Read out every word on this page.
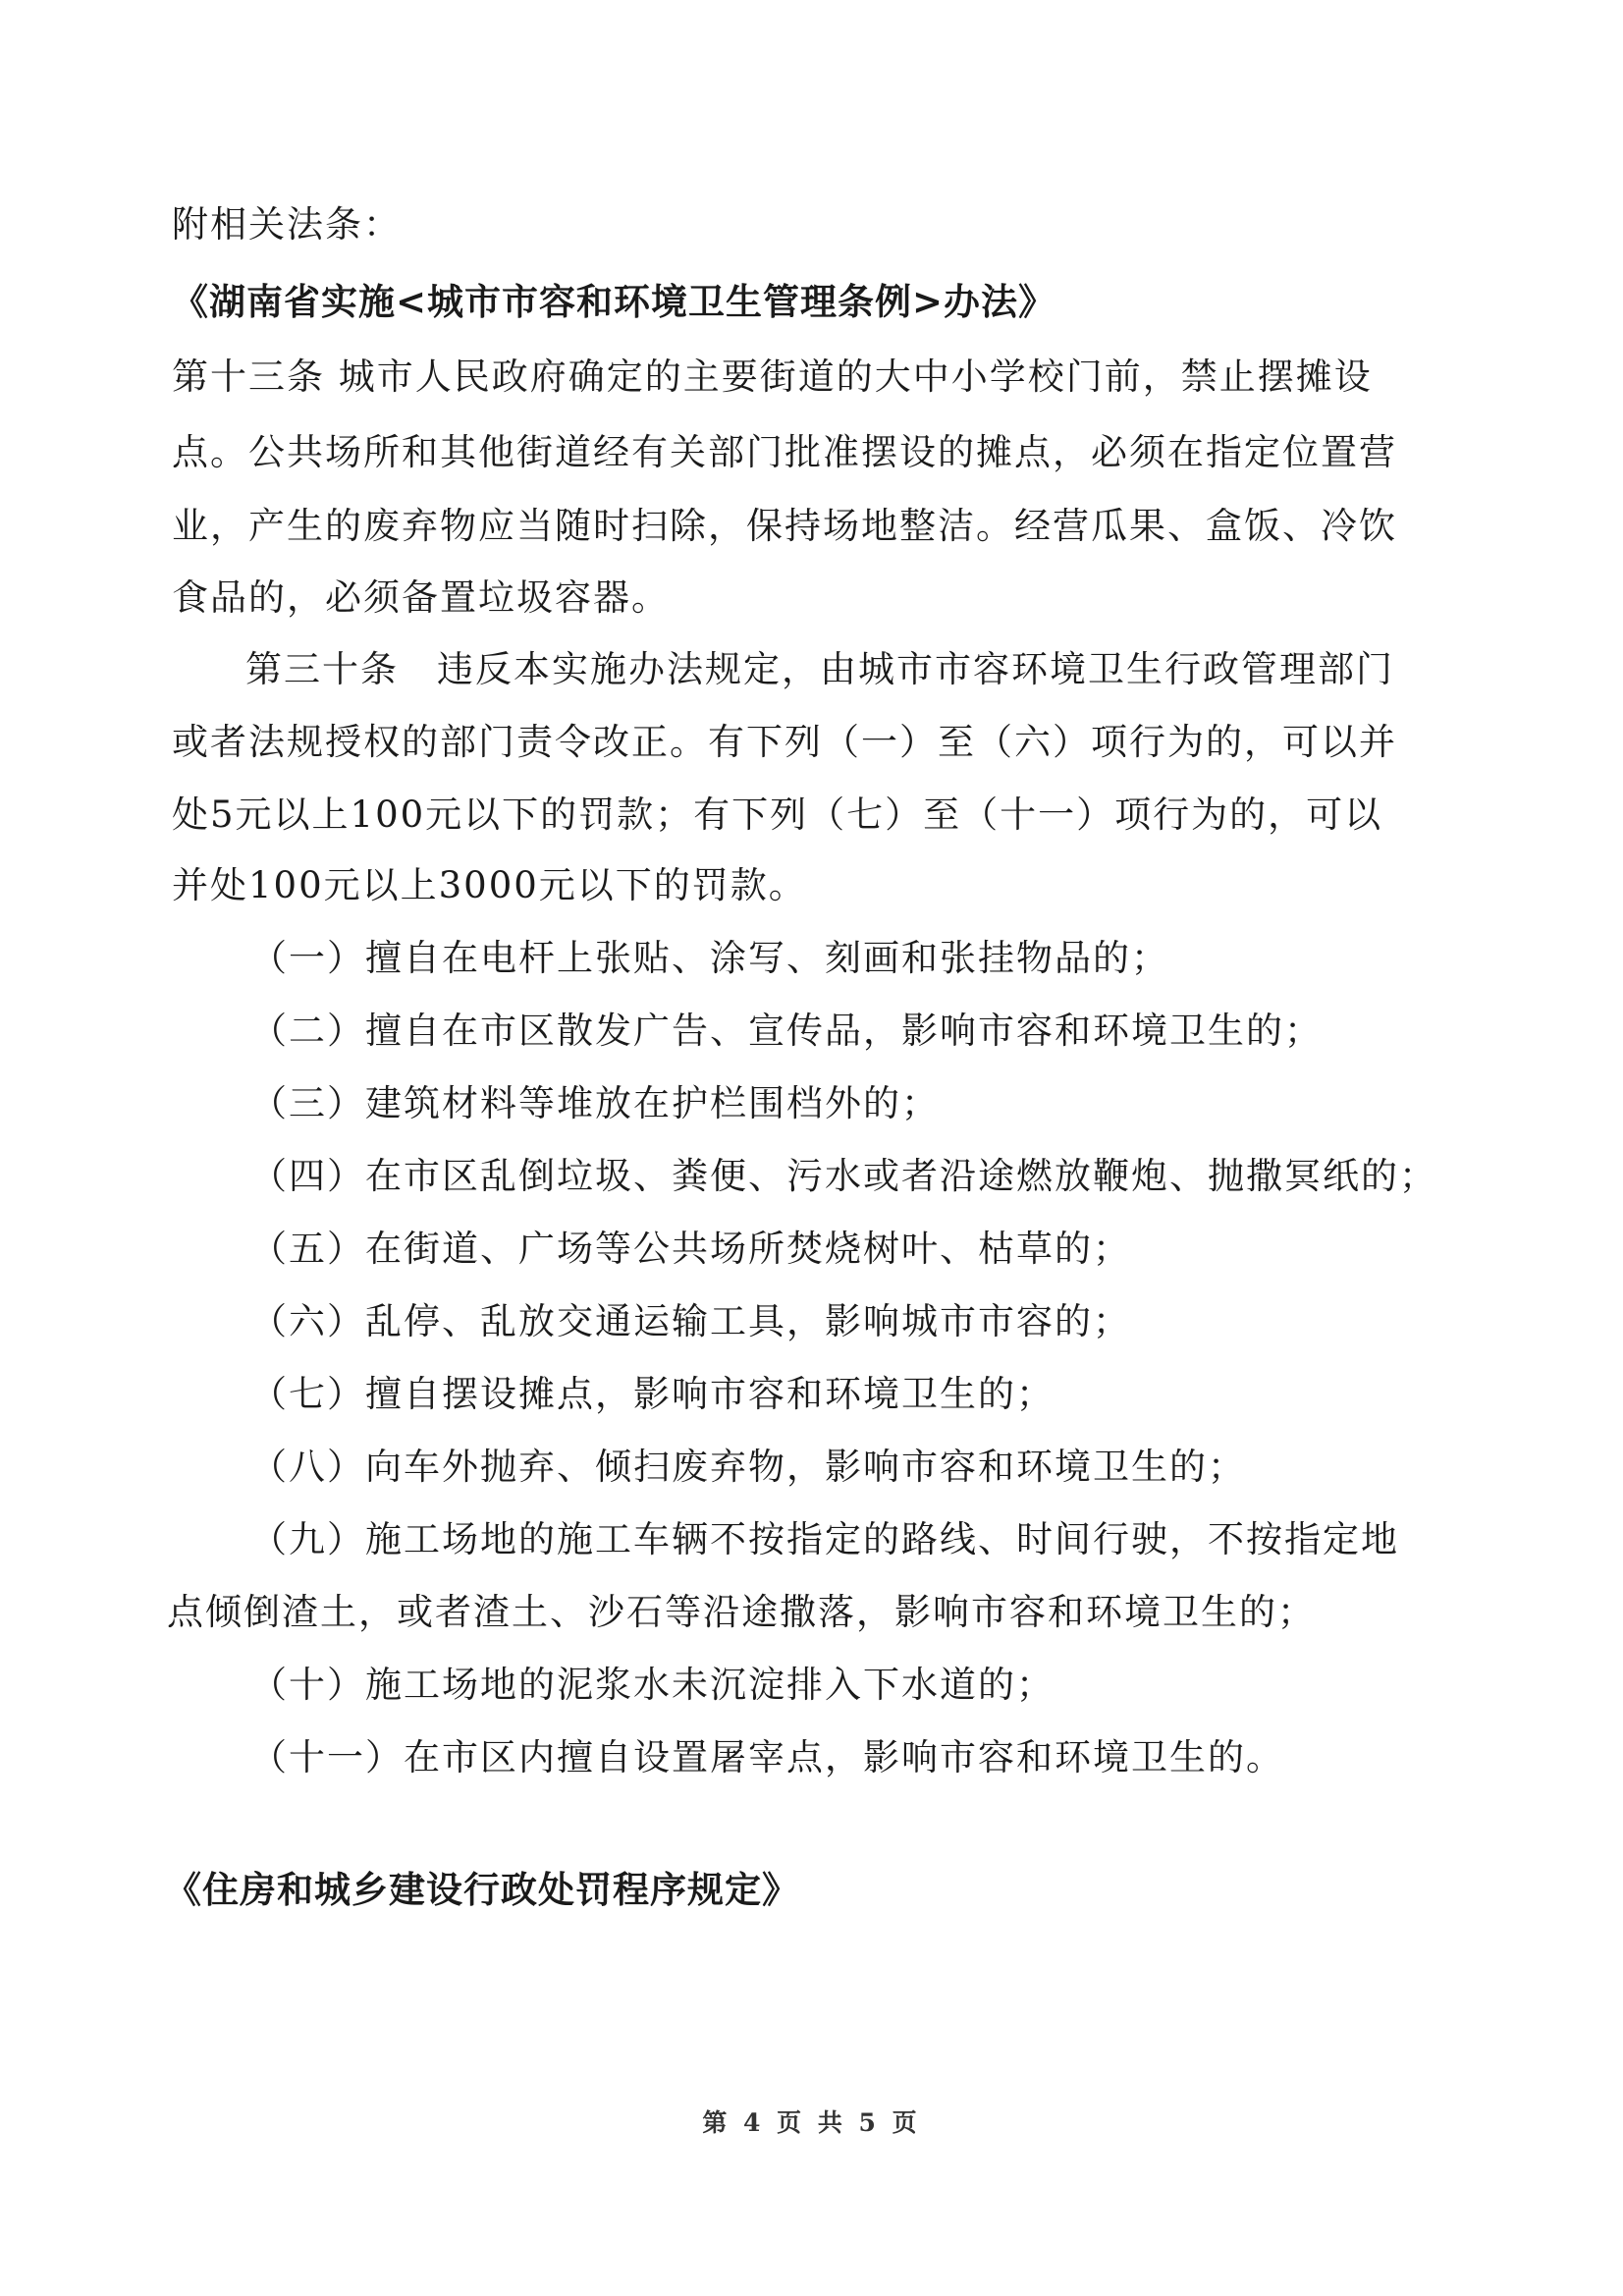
附相关法条：
《湖南省实施<城市市容和环境卫生管理条例>办法》
第十三条 城市人民政府确定的主要街道的大中小学校门前，禁止摆摊设
点。公共场所和其他街道经有关部门批准摆设的摊点，必须在指定位置营
业，产生的废弃物应当随时扫除，保持场地整洁。经营瓜果、盒饭、冷饮
食品的，必须备置垃圾容器。
第三十条　违反本实施办法规定，由城市市容环境卫生行政管理部门
或者法规授权的部门责令改正。有下列（一）至（六）项行为的，可以并
处5元以上100元以下的罚款；有下列（七）至（十一）项行为的，可以
并处100元以上3000元以下的罚款。
（一）擅自在电杆上张贴、涂写、刻画和张挂物品的；
（二）擅自在市区散发广告、宣传品，影响市容和环境卫生的；
（三）建筑材料等堆放在护栏围档外的；
（四）在市区乱倒垃圾、粪便、污水或者沿途燃放鞭炮、抛撒冥纸的；
（五）在街道、广场等公共场所焚烧树叶、枯草的；
（六）乱停、乱放交通运输工具，影响城市市容的；
（七）擅自摆设摊点，影响市容和环境卫生的；
（八）向车外抛弃、倾扫废弃物，影响市容和环境卫生的；
（九）施工场地的施工车辆不按指定的路线、时间行驶，不按指定地
点倾倒渣土，或者渣土、沙石等沿途撒落，影响市容和环境卫生的；
（十）施工场地的泥浆水未沉淀排入下水道的；
（十一）在市区内擅自设置屠宰点，影响市容和环境卫生的。
《住房和城乡建设行政处罚程序规定》
第 4 页 共 5 页
